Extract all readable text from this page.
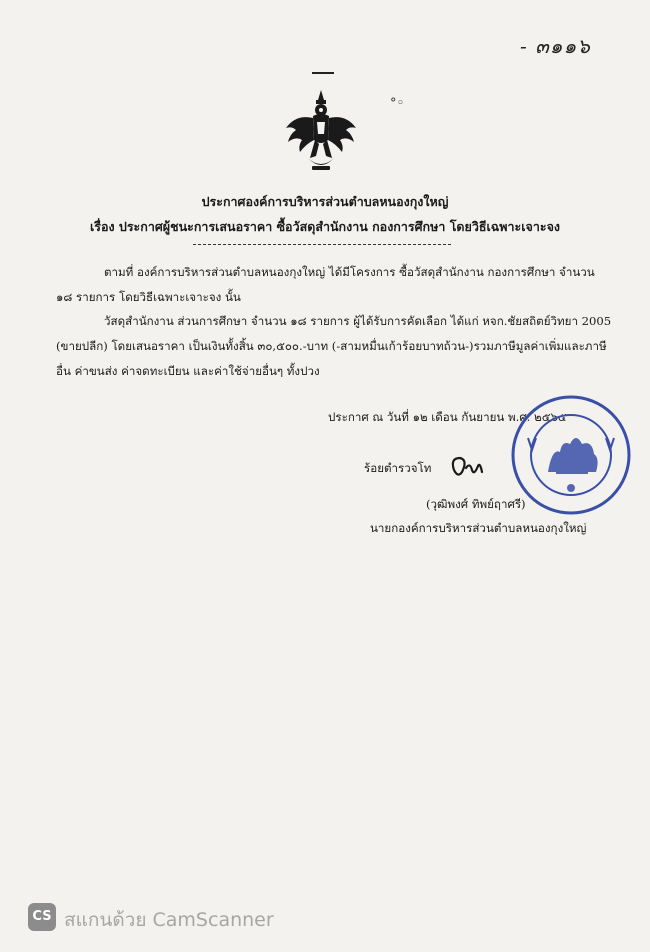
- ๓๑๑๖
°◦
ประกาศองค์การบริหารส่วนตำบลหนองกุงใหญ่
เรื่อง ประกาศผู้ชนะการเสนอราคา ซื้อวัสดุสำนักงาน กองการศึกษา โดยวิธีเฉพาะเจาะจง
ตามที่ องค์การบริหารส่วนตำบลหนองกุงใหญ่ ได้มีโครงการ ซื้อวัสดุสำนักงาน กองการศึกษา จำนวน
๑๘ รายการ โดยวิธีเฉพาะเจาะจง นั้น
วัสดุสำนักงาน ส่วนการศึกษา จำนวน ๑๘ รายการ ผู้ได้รับการคัดเลือก ได้แก่ หจก.ชัยสถิตย์วิทยา 2005
(ขายปลีก) โดยเสนอราคา เป็นเงินทั้งสิ้น ๓๐,๕๐๐.-บาท (-สามหมื่นเก้าร้อยบาทถ้วน-)รวมภาษีมูลค่าเพิ่มและภาษี
อื่น ค่าขนส่ง ค่าจดทะเบียน และค่าใช้จ่ายอื่นๆ ทั้งปวง
ประกาศ ณ วันที่ ๑๒ เดือน กันยายน พ.ศ. ๒๕๖๕
ร้อยตำรวจโท
(วุฒิพงศ์ ทิพย์ฤาศรี)
นายกองค์การบริหารส่วนตำบลหนองกุงใหญ่
CS สแกนด้วย CamScanner
